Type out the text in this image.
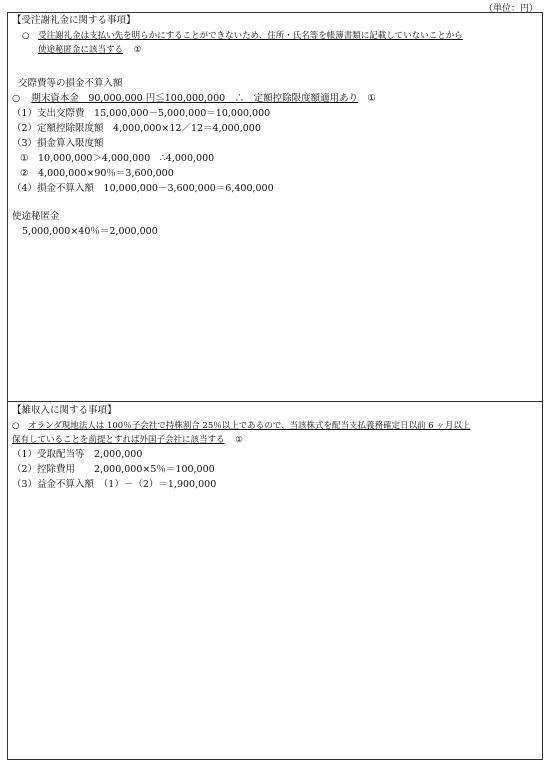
（単位：円）
【受注謝礼金に関する事項】
○ 受注謝礼金は支払い先を明らかにすることができないため、住所・氏名等を帳簿書類に記載していないことから
使途秘匿金に該当する ①
交際費等の損金不算入額
○ 期末資本金　90,000,000 円≦100,000,000　∴　定額控除限度額適用あり ①
（1）支出交際費　15,000,000－5,000,000＝10,000,000
（2）定額控除限度額　4,000,000×12／12＝4,000,000
（3）損金算入限度額
①　10,000,000＞4,000,000　∴4,000,000
②　4,000,000×90％＝3,600,000
（4）損金不算入額　10,000,000－3,600,000＝6,400,000
使途秘匿金
5,000,000×40％＝2,000,000
【雑収入に関する事項】
○ オランダ現地法人は 100％子会社で持株割合 25％以上であるので、当該株式を配当支払義務確定日以前 6 ヶ月以上
保有していることを前提とすれば外国子会社に該当する ①
（1）受取配当等　2,000,000
（2）控除費用　　2,000,000×5％＝100,000
（3）益金不算入額　（1）－（2）＝1,900,000
